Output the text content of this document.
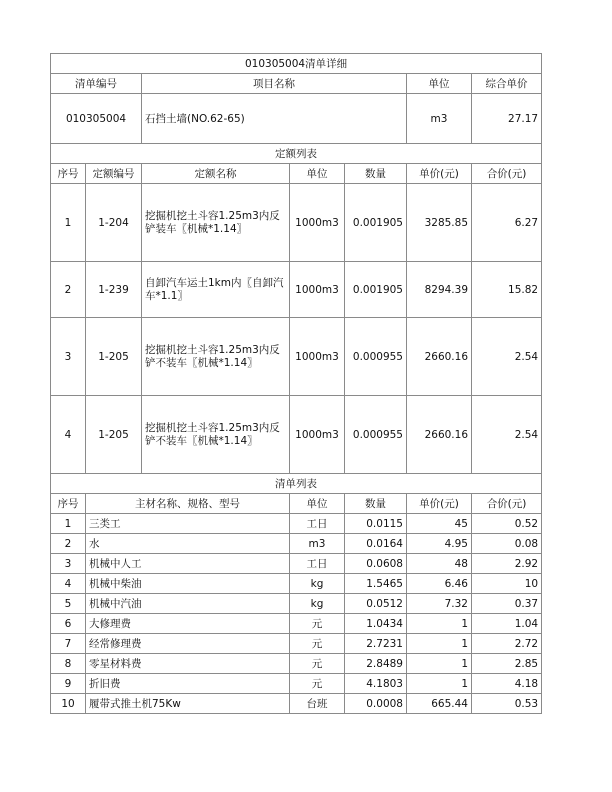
010305004清单详细						
清单编号		项目名称			单位	综合单价
010305004		石挡土墙(NO.62-65)			m3	27.17
定额列表						
序号	定额编号	定额名称	单位	数量	单价(元)	合价(元)
1	1-204	挖掘机挖土斗容1.25m3内反铲装车〖机械*1.14〗	1000m3	0.001905	3285.85	6.27
2	1-239	自卸汽车运土1km内〖自卸汽车*1.1〗	1000m3	0.001905	8294.39	15.82
3	1-205	挖掘机挖土斗容1.25m3内反铲不装车〖机械*1.14〗	1000m3	0.000955	2660.16	2.54
4	1-205	挖掘机挖土斗容1.25m3内反铲不装车〖机械*1.14〗	1000m3	0.000955	2660.16	2.54
清单列表						
序号	主材名称、规格、型号		单位	数量	单价(元)	合价(元)
1	三类工		工日	0.0115	45	0.52
2	水		m3	0.0164	4.95	0.08
3	机械中人工		工日	0.0608	48	2.92
4	机械中柴油		kg	1.5465	6.46	10
5	机械中汽油		kg	0.0512	7.32	0.37
6	大修理费		元	1.0434	1	1.04
7	经常修理费		元	2.7231	1	2.72
8	零星材料费		元	2.8489	1	2.85
9	折旧费		元	4.1803	1	4.18
10	履带式推土机75Kw		台班	0.0008	665.44	0.53
